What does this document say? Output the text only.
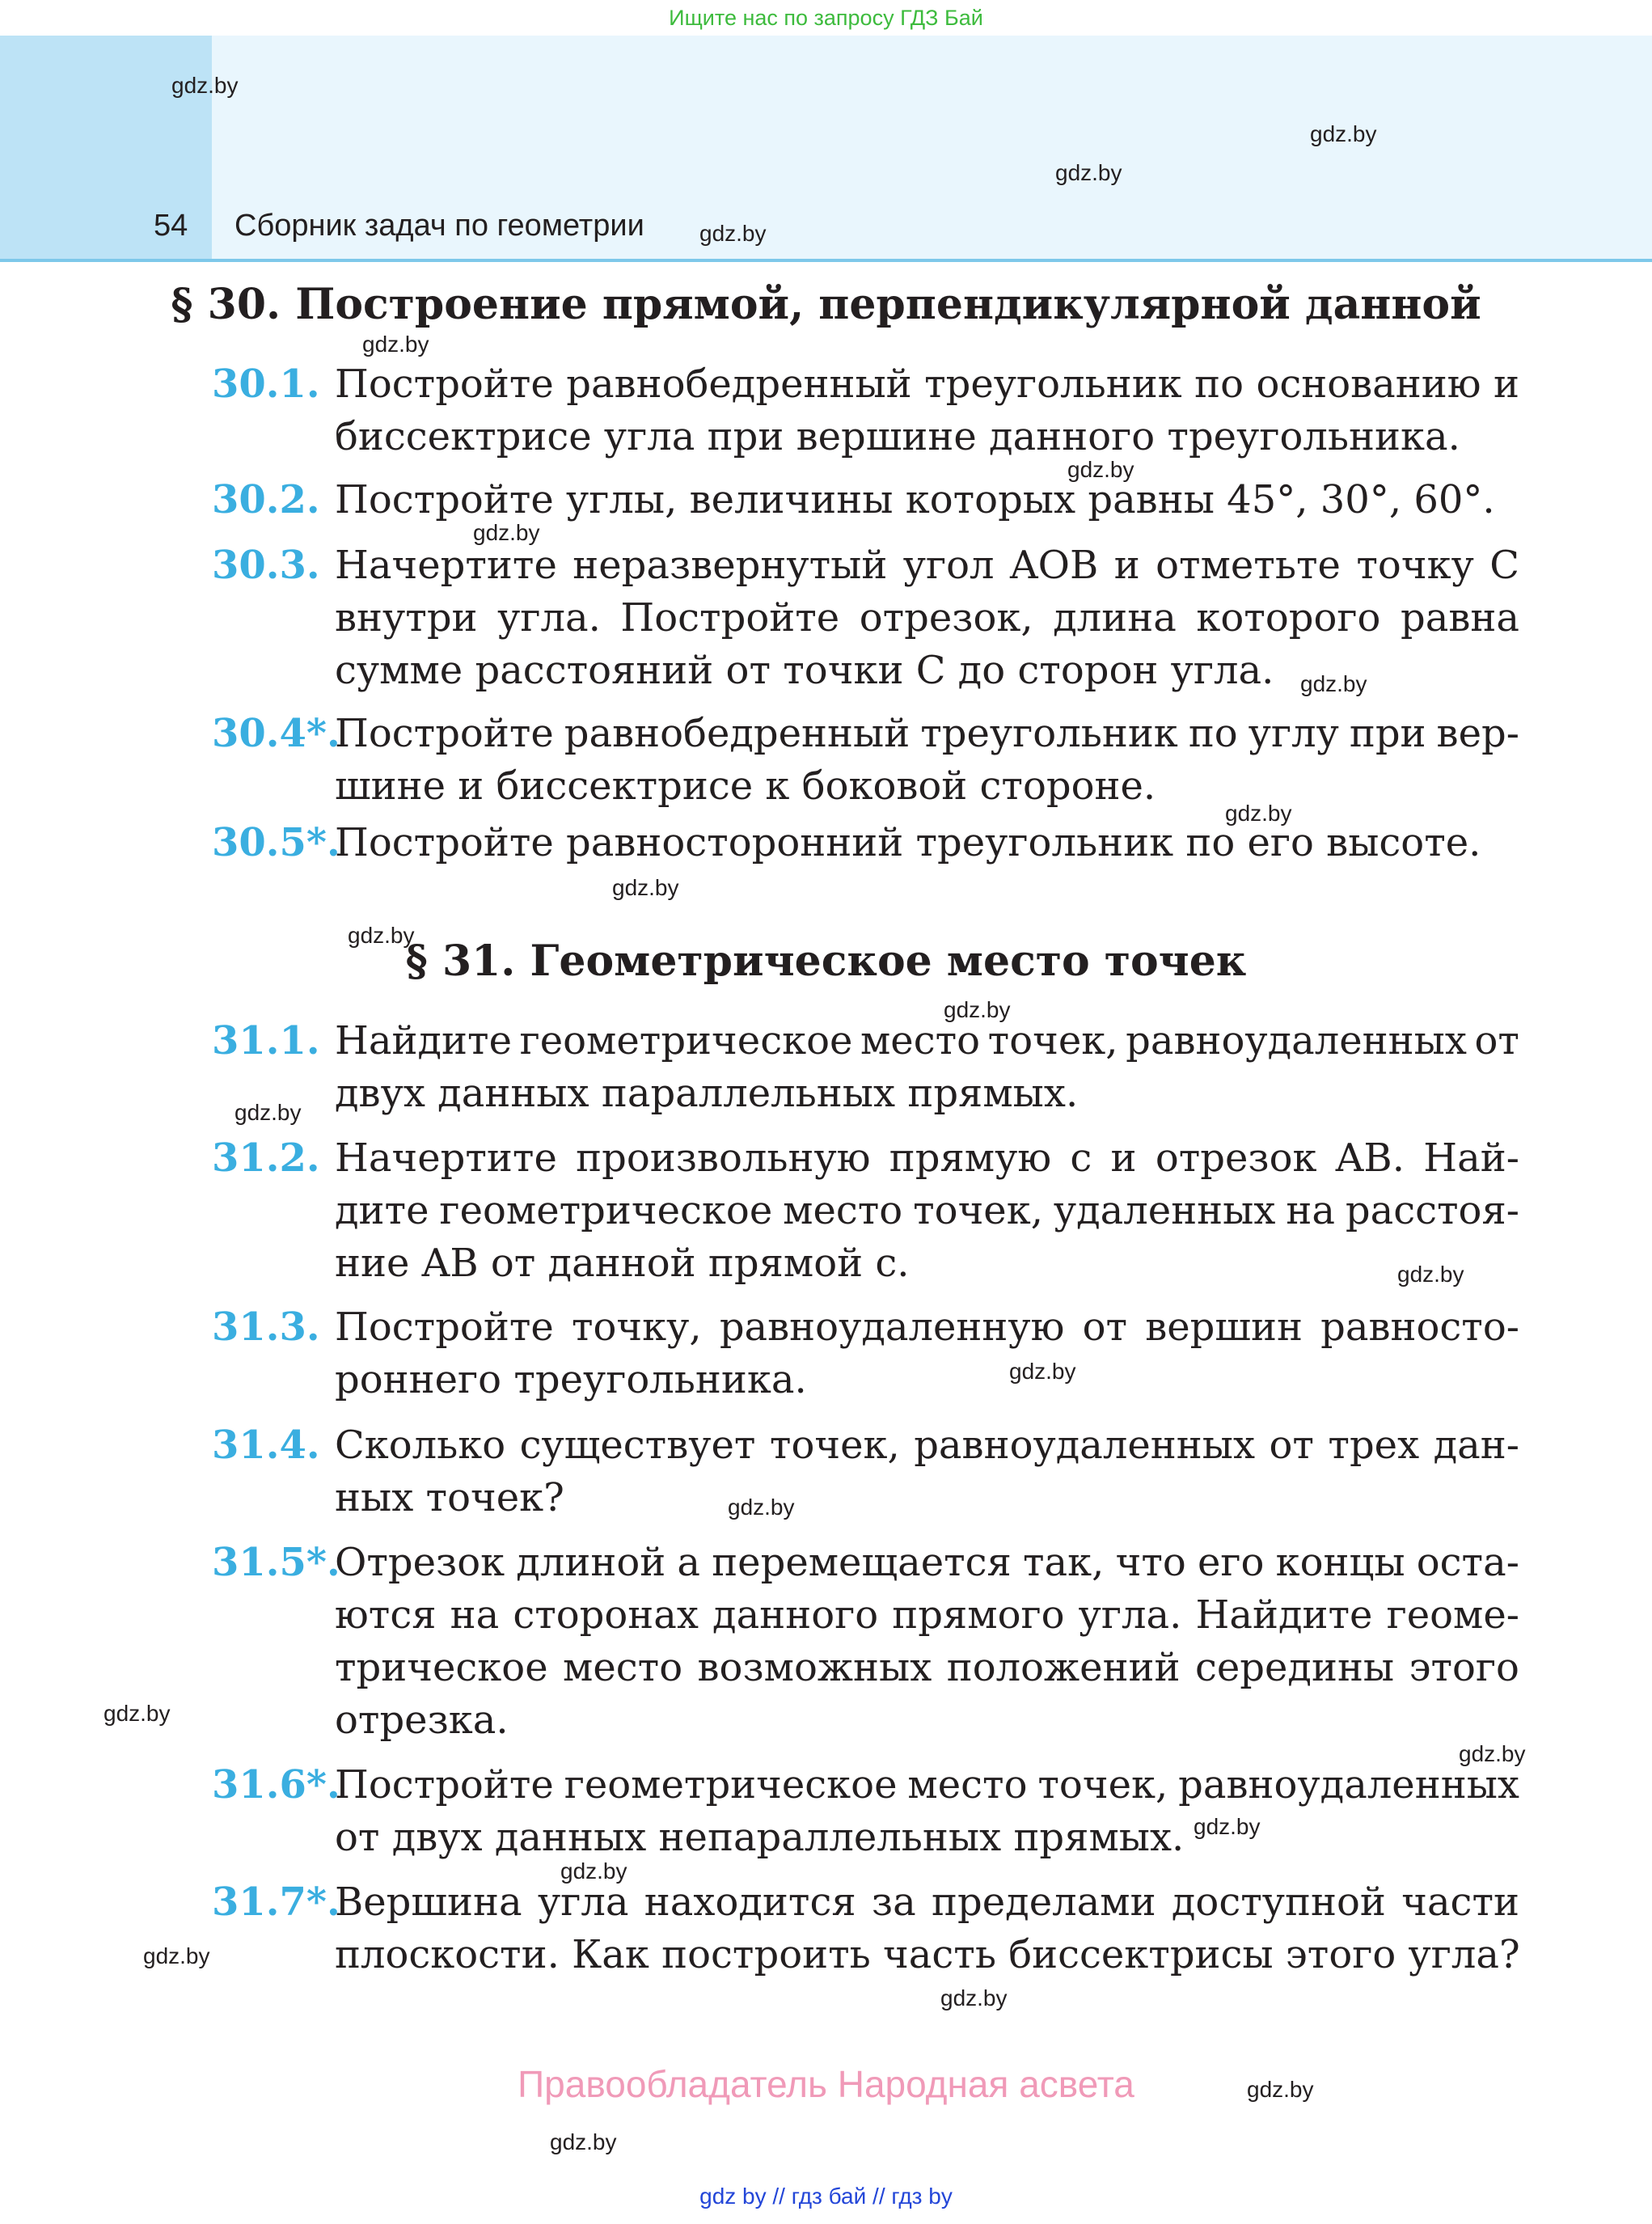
Ищите нас по запросу ГДЗ Бай
54 Сборник задач по геометрии
§ 30. Построение прямой, перпендикулярной данной
30.1. Постройте равнобедренный треугольник по основанию и
биссектрисе угла при вершине данного треугольника.
30.2. Постройте углы, величины которых равны 45°, 30°, 60°.
30.3. Начертите неразвернутый угол AOB и отметьте точку C
внутри угла. Постройте отрезок, длина которого равна
сумме расстояний от точки C до сторон угла.
30.4*.
Постройте равнобедренный треугольник по углу при вер-
шине и биссектрисе к боковой стороне.
30.5*.
Постройте равносторонний треугольник по его высоте.
§ 31. Геометрическое место точек
31.1. Найдите геометрическое место точек, равноудаленных от
двух данных параллельных прямых.
31.2. Начертите произвольную прямую c и отрезок AB. Най-
дите геометрическое место точек, удаленных на расстоя-
ние AB от данной прямой c.
31.3. Постройте точку, равноудаленную от вершин равносто-
роннего треугольника.
31.4. Сколько существует точек, равноудаленных от трех дан-
ных точек?
31.5*.
Отрезок длиной a перемещается так, что его концы оста-
ются на сторонах данного прямого угла. Найдите геоме-
трическое место возможных положений середины этого
отрезка.
31.6*.
Постройте геометрическое место точек, равноудаленных
от двух данных непараллельных прямых.
31.7*.
Вершина угла находится за пределами доступной части
плоскости. Как построить часть биссектрисы этого угла?
Правообладатель Народная асвета
gdz by // гдз бай // гдз by
gdz.by
gdz.by
gdz.by
gdz.by
gdz.by
gdz.by
gdz.by
gdz.by
gdz.by
gdz.by
gdz.by
gdz.by
gdz.by
gdz.by
gdz.by
gdz.by
gdz.by
gdz.by
gdz.by
gdz.by
gdz.by
gdz.by
gdz.by
gdz.by
